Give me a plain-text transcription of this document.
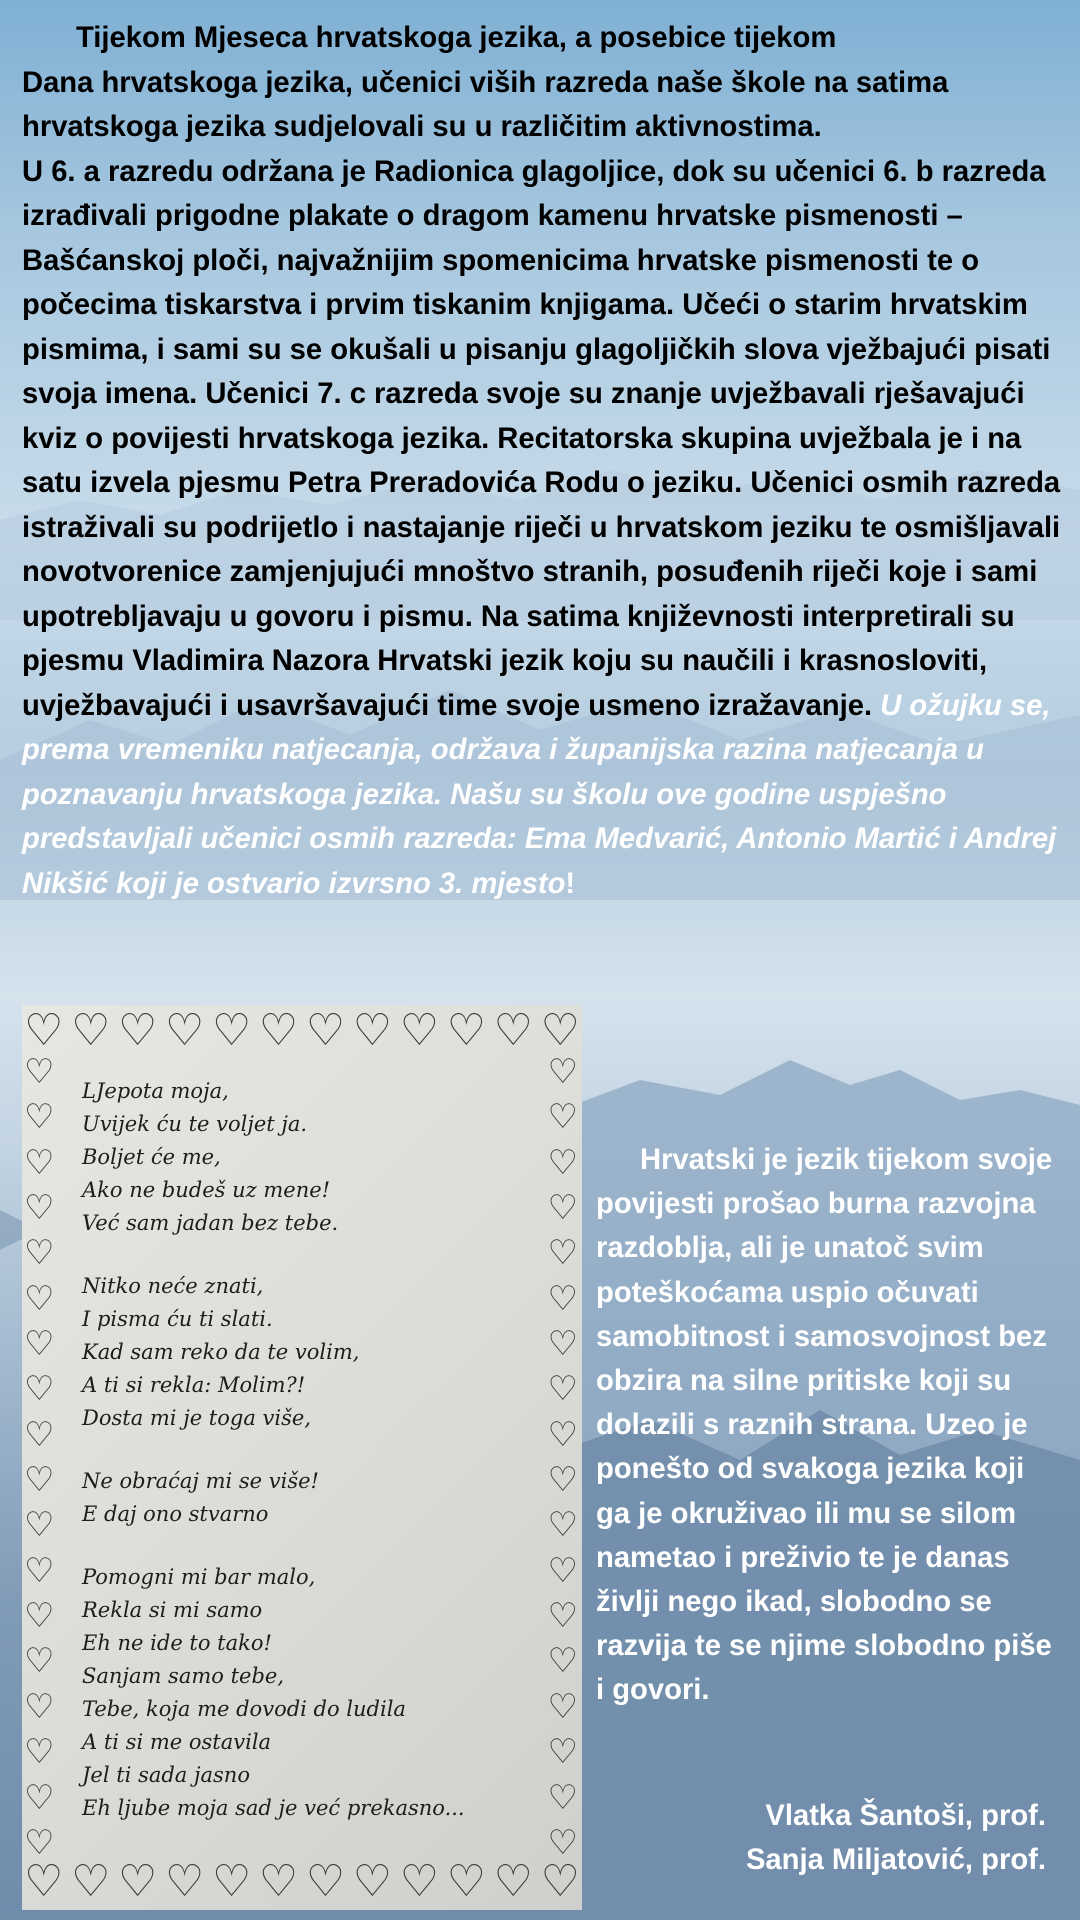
Tijekom Mjeseca hrvatskoga jezika, a posebice tijekom
Dana hrvatskoga jezika, učenici viših razreda naše škole na satima hrvatskoga jezika sudjelovali su u različitim aktivnostima.
U 6. a razredu održana je Radionica glagoljice, dok su učenici 6. b razreda izrađivali prigodne plakate o dragom kamenu hrvatske pismenosti – Bašćanskoj ploči, najvažnijim spomenicima hrvatske pismenosti te o počecima tiskarstva i prvim tiskanim knjigama. Učeći o starim hrvatskim pismima, i sami su se okušali u pisanju glagoljičkih slova vježbajući pisati svoja imena. Učenici 7. c razreda svoje su znanje uvježbavali rješavajući kviz o povijesti hrvatskoga jezika. Recitatorska skupina uvježbala je i na satu izvela pjesmu Petra Preradovića Rodu o jeziku. Učenici osmih razreda istraživali su podrijetlo i nastajanje riječi u hrvatskom jeziku te osmišljavali novotvorenice zamjenjujući mnoštvo stranih, posuđenih riječi koje i sami upotrebljavaju u govoru i pismu. Na satima književnosti interpretirali su pjesmu Vladimira Nazora Hrvatski jezik koju su naučili i krasnosloviti, uvježbavajući i usavršavajući time svoje usmeno izražavanje. U ožujku se, prema vremeniku natjecanja, održava i županijska razina natjecanja u poznavanju hrvatskoga jezika. Našu su školu ove godine uspješno predstavljali učenici osmih razreda: Ema Medvarić, Antonio Martić i Andrej Nikšić koji je ostvario izvrsno 3. mjesto!
♡ ♡ ♡ ♡ ♡ ♡ ♡ ♡ ♡ ♡ ♡ ♡
♡ ♡ ♡ ♡ ♡ ♡ ♡ ♡ ♡ ♡ ♡ ♡
♡
♡
♡
♡
♡
♡
♡
♡
♡
♡
♡
♡
♡
♡
♡
♡
♡
♡
♡
♡
♡
♡
♡
♡
♡
♡
♡
♡
♡
♡
♡
♡
♡
♡
♡
♡
LJepota moja,
Uvijek ću te voljet ja.
Boljet će me,
Ako ne budeš uz mene!
Već sam jadan bez tebe.
Nitko neće znati,
I pisma ću ti slati.
Kad sam reko da te volim,
A ti si rekla: Molim?!
Dosta mi je toga više,
Ne obraćaj mi se više!
E daj ono stvarno
Pomogni mi bar malo,
Rekla si mi samo
Eh ne ide to tako!
Sanjam samo tebe,
Tebe, koja me dovodi do ludila
A ti si me ostavila
Jel ti sada jasno
Eh ljube moja sad je već prekasno...
Hrvatski je jezik tijekom svoje povijesti prošao burna razvojna razdoblja, ali je unatoč svim poteškoćama uspio očuvati samobitnost i samosvojnost bez obzira na silne pritiske koji su dolazili s raznih strana. Uzeo je ponešto od svakoga jezika koji ga je okruživao ili mu se silom nametao i preživio te je danas življi nego ikad, slobodno se razvija te se njime slobodno piše i govori.
Vlatka Šantoši, prof.
Sanja Miljatović, prof.
